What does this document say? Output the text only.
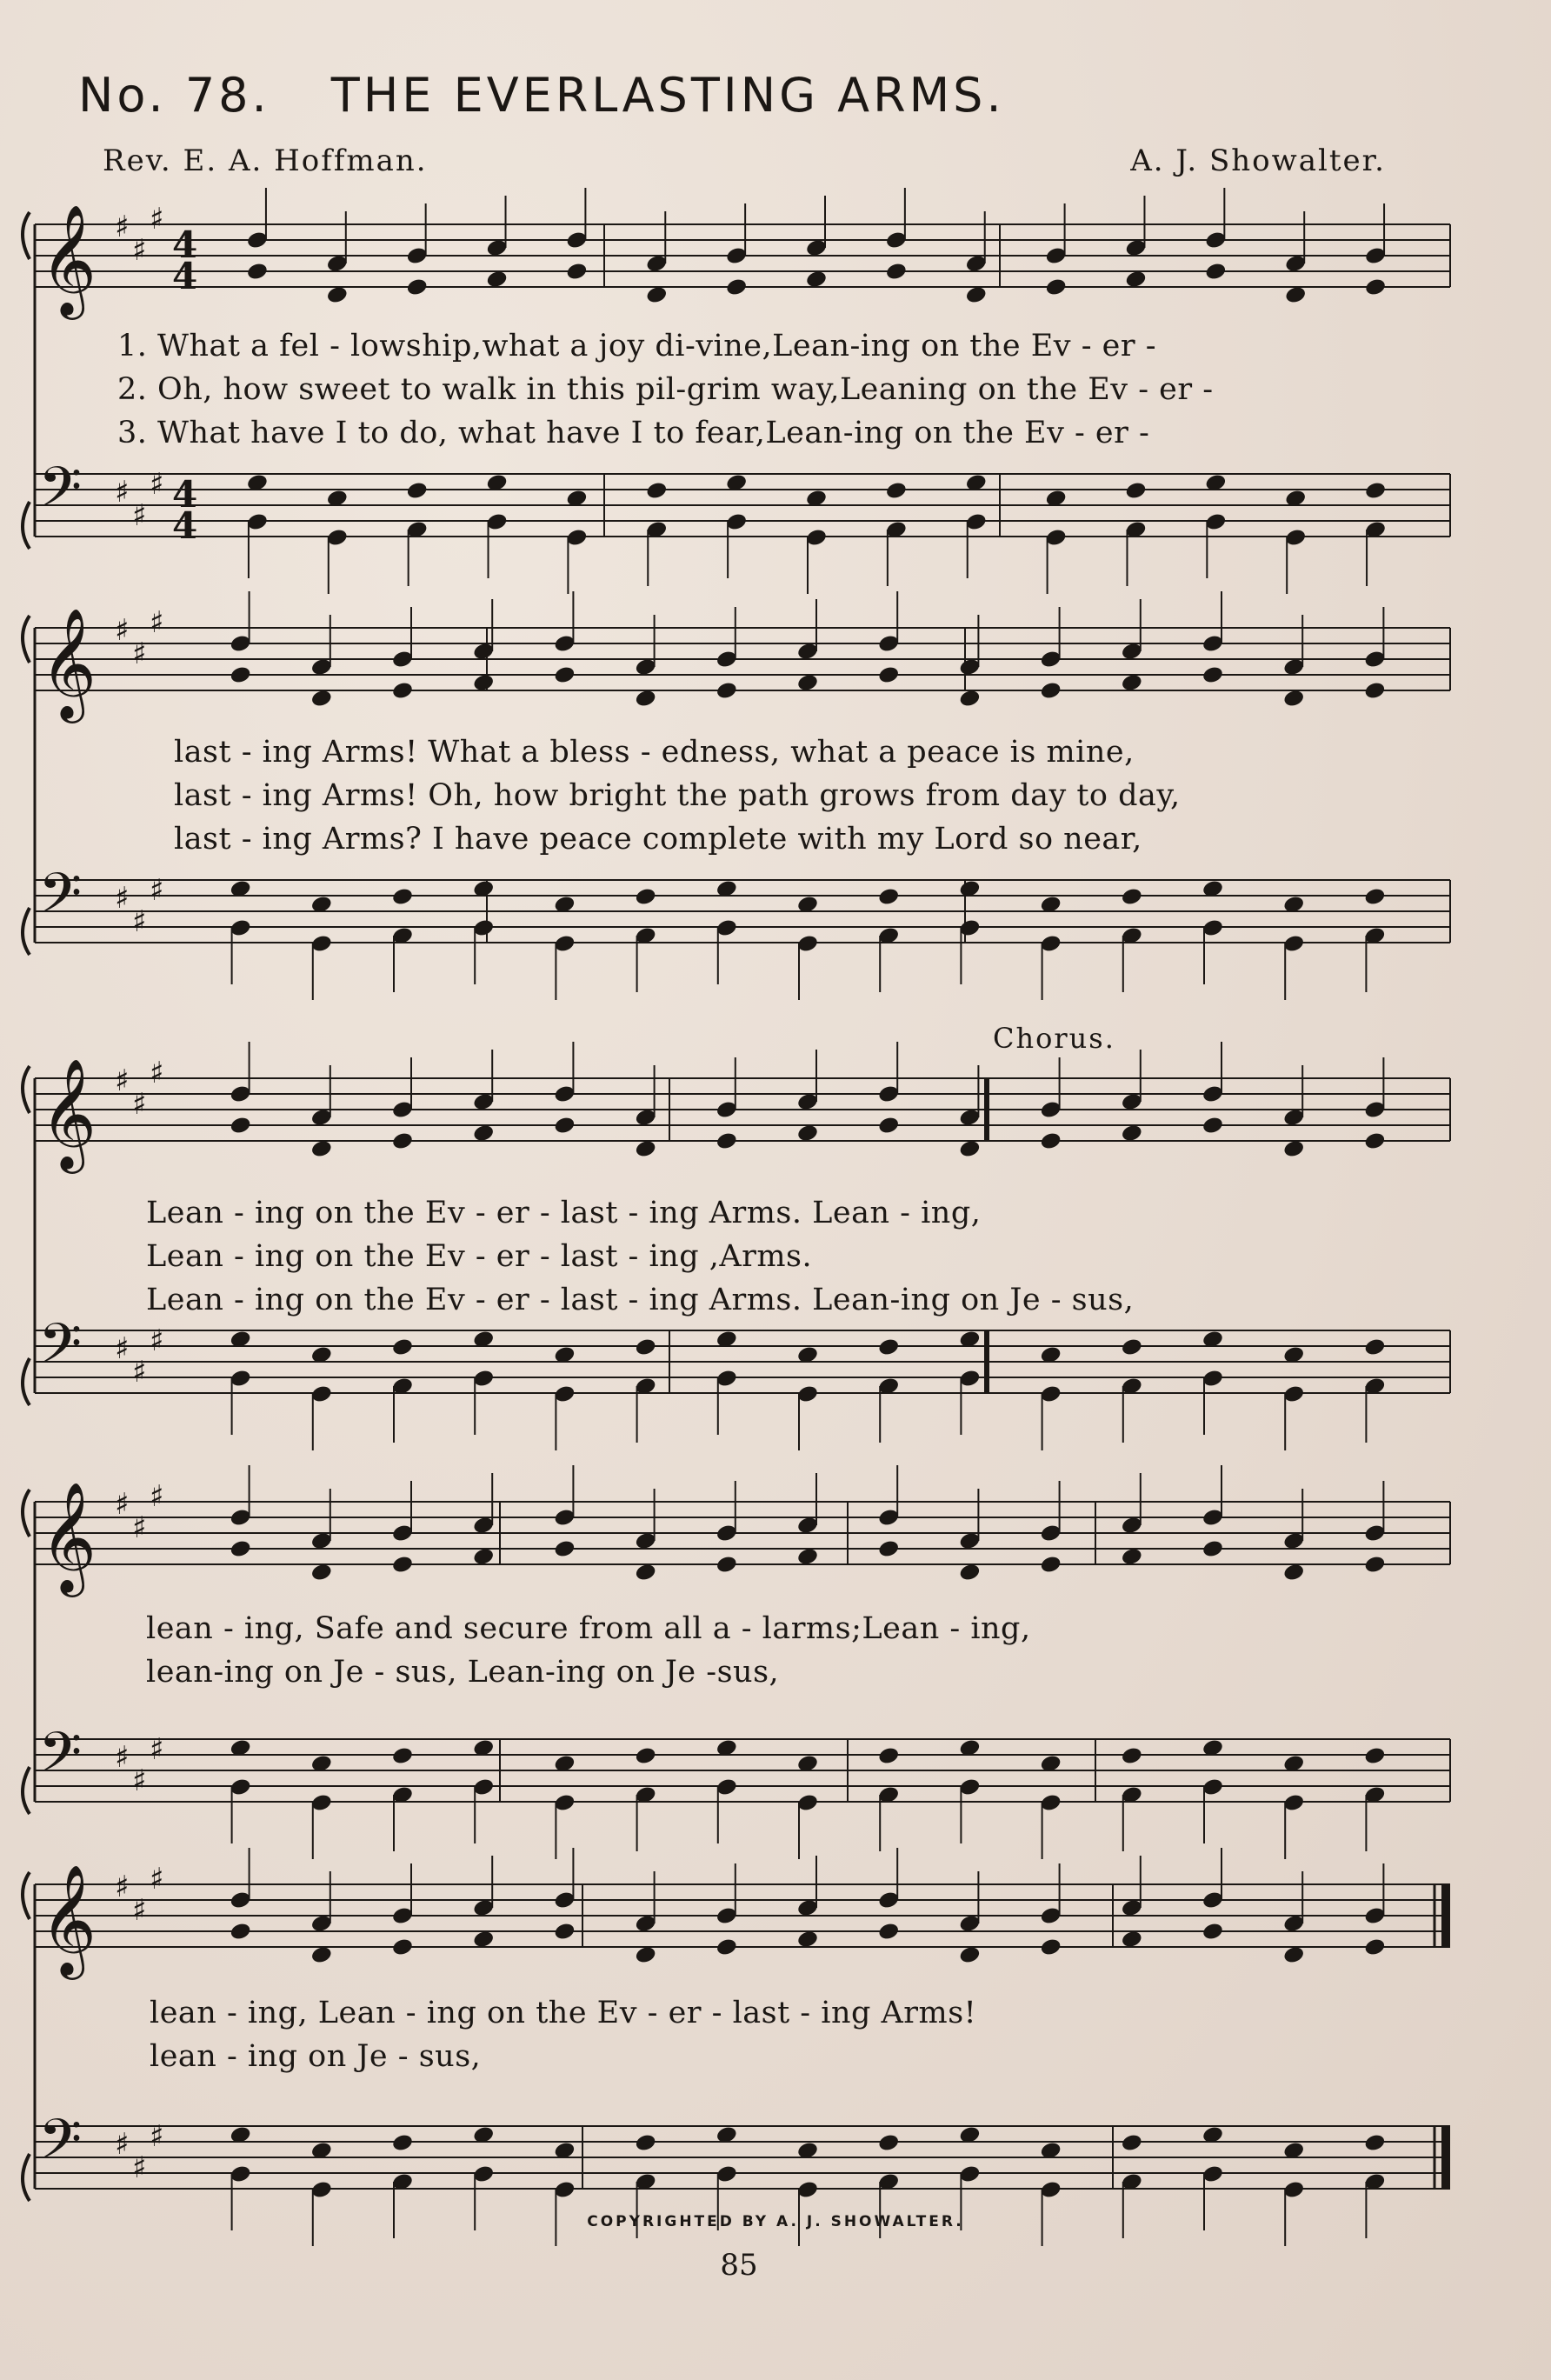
No. 78. THE EVERLASTING ARMS.
Rev. E. A. Hoffman.	A. J. Showalter.
Chorus.
𝄞 ♯
♯
♯
4
4
𝄢 ♯
♯
♯ 4
4
𝄞 ♯
♯
♯
𝄢 ♯
♯
♯
𝄞 ♯
♯
♯
𝄢 ♯
♯
♯
𝄞 ♯
♯
♯
𝄢 ♯
♯
♯
𝄞 ♯
♯
♯
𝄢 ♯
♯
♯
1. What a fel - lowship,what a joy di-vine,Lean-ing on the Ev - er -
2. Oh, how sweet to walk in this pil-grim way,Leaning on the Ev - er -
3. What have I to do, what have I to fear,Lean-ing on the Ev - er -
last - ing Arms! What a bless - edness, what a peace is mine,
last - ing Arms! Oh, how bright the path grows from day to day,
last - ing Arms? I have peace complete with my Lord so near,
Lean - ing on the Ev - er - last - ing Arms. Lean - ing,
Lean - ing on the Ev - er - last - ing ,Arms.
Lean - ing on the Ev - er - last - ing Arms. Lean-ing on Je - sus,
lean - ing, Safe and secure from all a - larms;Lean - ing,
lean-ing on Je - sus, Lean-ing on Je -sus,
lean - ing, Lean - ing on the Ev - er - last - ing Arms!
lean - ing on Je - sus,
COPYRIGHTED BY A. J. SHOWALTER.
85
